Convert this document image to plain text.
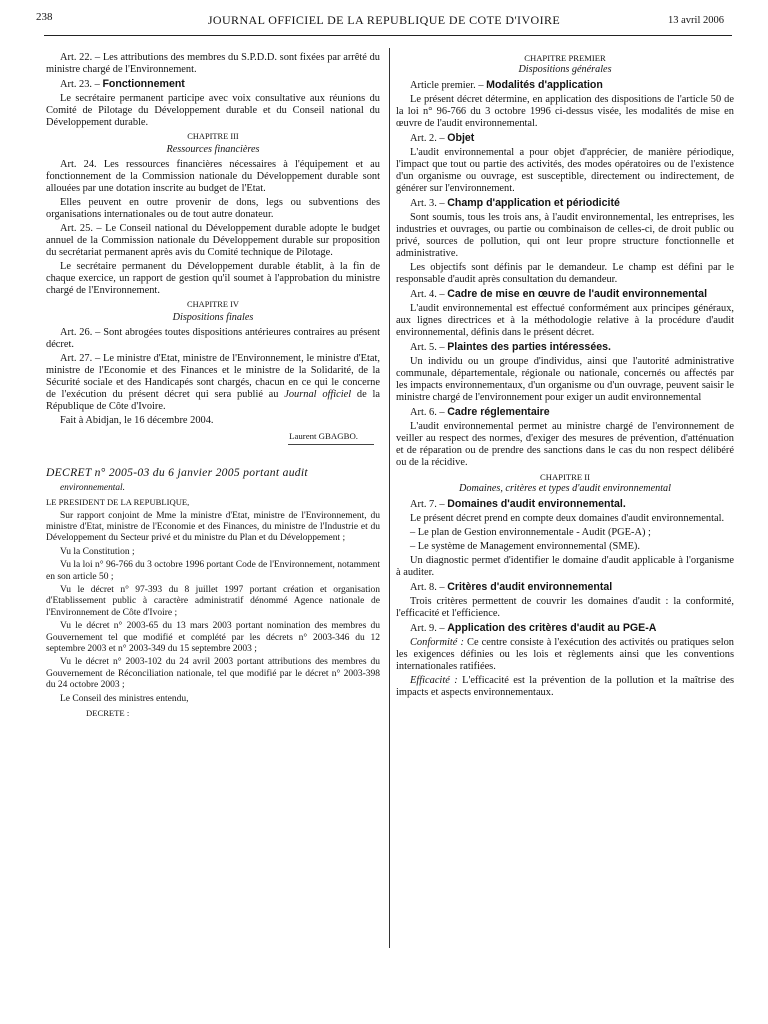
238	JOURNAL OFFICIEL DE LA REPUBLIQUE DE COTE D'IVOIRE	13 avril 2006

Art. 22. – Les attributions des membres du S.P.D.D. sont fixées par arrêté du ministre chargé de l'Environnement.

Art. 23. – Fonctionnement

Le secrétaire permanent participe avec voix consultative aux réunions du Comité de Pilotage du Développement durable et du Conseil national du Développement durable.

CHAPITRE III
Ressources financières

Art. 24. Les ressources financières nécessaires à l'équipement et au fonctionnement de la Commission nationale du Développement durable sont allouées par une dotation inscrite au budget de l'Etat.

Elles peuvent en outre provenir de dons, legs ou subventions des organisations internationales ou de tout autre donateur.

Art. 25. – Le Conseil national du Développement durable adopte le budget annuel de la Commission nationale du Développement durable sur proposition du secrétariat permanent après avis du Comité technique de Pilotage.

Le secrétaire permanent du Développement durable établit, à la fin de chaque exercice, un rapport de gestion qu'il soumet à l'approbation du ministre chargé de l'Environnement.

CHAPITRE IV
Dispositions finales

Art. 26. – Sont abrogées toutes dispositions antérieures contraires au présent décret.

Art. 27. – Le ministre d'Etat, ministre de l'Environnement, le ministre d'Etat, ministre de l'Economie et des Finances et le ministre de la Solidarité, de la Sécurité sociale et des Handicapés sont chargés, chacun en ce qui le concerne de l'exécution du présent décret qui sera publié au Journal officiel de la République de Côte d'Ivoire.

Fait à Abidjan, le 16 décembre 2004.

Laurent GBAGBO.

DECRET n° 2005-03 du 6 janvier 2005 portant audit

environnemental.

LE PRESIDENT DE LA REPUBLIQUE,

Sur rapport conjoint de Mme la ministre d'Etat, ministre de l'Environnement, du ministre d'Etat, ministre de l'Economie et des Finances, du ministre de l'Industrie et du Développement du Secteur privé et du ministre du Plan et du Développement ;

Vu la Constitution ;

Vu la loi n° 96-766 du 3 octobre 1996 portant Code de l'Environnement, notamment en son article 50 ;

Vu le décret n° 97-393 du 8 juillet 1997 portant création et organisation d'Etablissement public à caractère administratif dénommé Agence nationale de l'Environnement de Côte d'Ivoire ;

Vu le décret n° 2003-65 du 13 mars 2003 portant nomination des membres du Gouvernement tel que modifié et complété par les décrets n° 2003-346 du 12 septembre 2003 et n° 2003-349 du 15 septembre 2003 ;

Vu le décret n° 2003-102 du 24 avril 2003 portant attributions des membres du Gouvernement de Réconciliation nationale, tel que modifié par le décret n° 2003-398 du 24 octobre 2003 ;

Le Conseil des ministres entendu,

DECRETE :

CHAPITRE PREMIER
Dispositions générales

Article premier. – Modalités d'application

Le présent décret détermine, en application des dispositions de l'article 50 de la loi n° 96-766 du 3 octobre 1996 ci-dessus visée, les modalités de mise en œuvre de l'audit environnemental.

Art. 2. – Objet

L'audit environnemental a pour objet d'apprécier, de manière périodique, l'impact que tout ou partie des activités, des modes opératoires ou de l'existence d'un organisme ou ouvrage, est susceptible, directement ou indirectement, de générer sur l'environnement.

Art. 3. – Champ d'application et périodicité

Sont soumis, tous les trois ans, à l'audit environnemental, les entreprises, les industries et ouvrages, ou partie ou combinaison de celles-ci, de droit public ou privé, sources de pollution, qui ont leur propre structure fonctionnelle et administrative.

Les objectifs sont définis par le demandeur. Le champ est défini par le responsable d'audit après consultation du demandeur.

Art. 4. – Cadre de mise en œuvre de l'audit environnemental

L'audit environnemental est effectué conformément aux principes généraux, aux lignes directrices et à la méthodologie relative à la procédure d'audit environnemental, définis dans le présent décret.

Art. 5. – Plaintes des parties intéressées.

Un individu ou un groupe d'individus, ainsi que l'autorité administrative communale, départementale, régionale ou nationale, concernés ou affectés par les impacts environnementaux, d'un organisme ou d'un ouvrage, peuvent saisir le ministre chargé de l'environnement pour exiger un audit environnemental

Art. 6. – Cadre réglementaire

L'audit environnemental permet au ministre chargé de l'environnement de veiller au respect des normes, d'exiger des mesures de prévention, d'atténuation et de réparation ou de prendre des sanctions dans le cas du non respect délibéré ou de la récidive.

CHAPITRE II
Domaines, critères et types d'audit environnemental

Art. 7. – Domaines d'audit environnemental.

Le présent décret prend en compte deux domaines d'audit environnemental.

– Le plan de Gestion environnementale - Audit (PGE-A) ;

– Le système de Management environnemental (SME).

Un diagnostic permet d'identifier le domaine d'audit applicable à l'organisme à auditer.

Art. 8. – Critères d'audit environnemental

Trois critères permettent de couvrir les domaines d'audit : la conformité, l'efficacité et l'efficience.

Art. 9. – Application des critères d'audit au PGE-A

Conformité : Ce centre consiste à l'exécution des activités ou pratiques selon les exigences définies ou les lois et règlements ainsi que les conventions internationales ratifiées.

Efficacité : L'efficacité est la prévention de la pollution et la maîtrise des impacts et aspects environnementaux.
